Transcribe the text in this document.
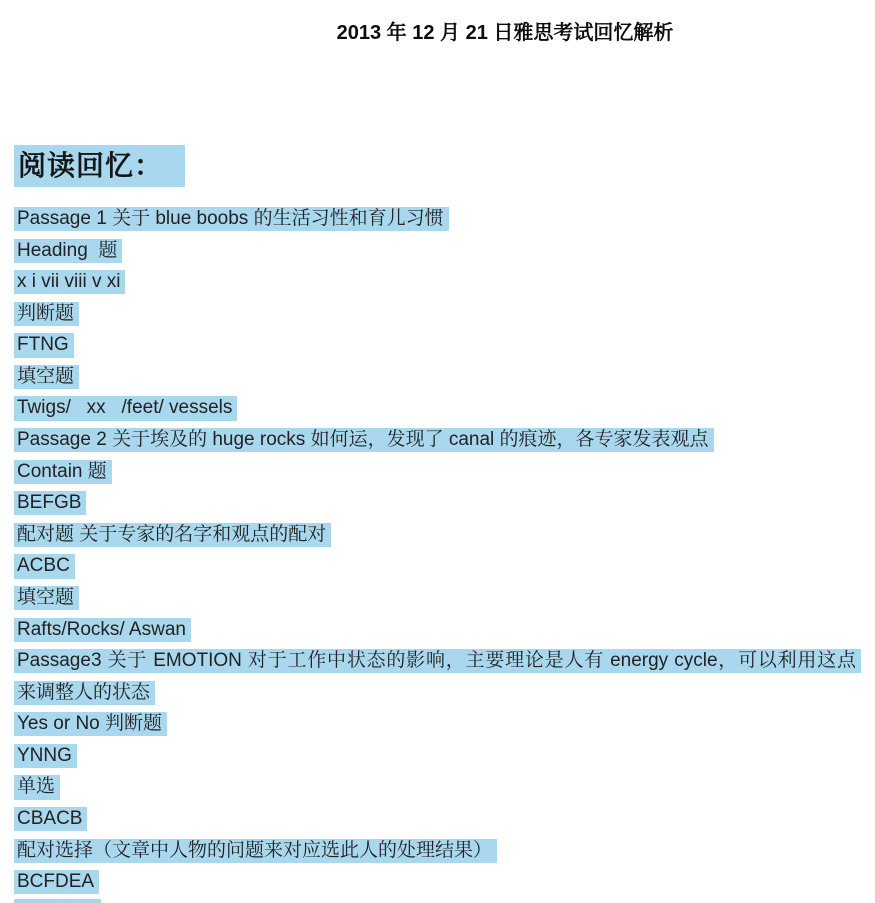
2013 年 12 月 21 日雅思考试回忆解析
阅读回忆：
Passage 1 关于 blue boobs 的生活习性和育儿习惯
Heading  题
x i vii viii v xi
判断题
FTNG
填空题
Twigs/   xx   /feet/ vessels
Passage 2 关于埃及的 huge rocks 如何运，发现了 canal 的痕迹，各专家发表观点
Contain 题
BEFGB
配对题 关于专家的名字和观点的配对
ACBC
填空题
Rafts/Rocks/ Aswan
Passage3 关于 EMOTION 对于工作中状态的影响，主要理论是人有 energy cycle，可以利用这点
来调整人的状态
Yes or No 判断题
YNNG
单选
CBACB
配对选择（文章中人物的问题来对应选此人的处理结果）
BCFDEA
